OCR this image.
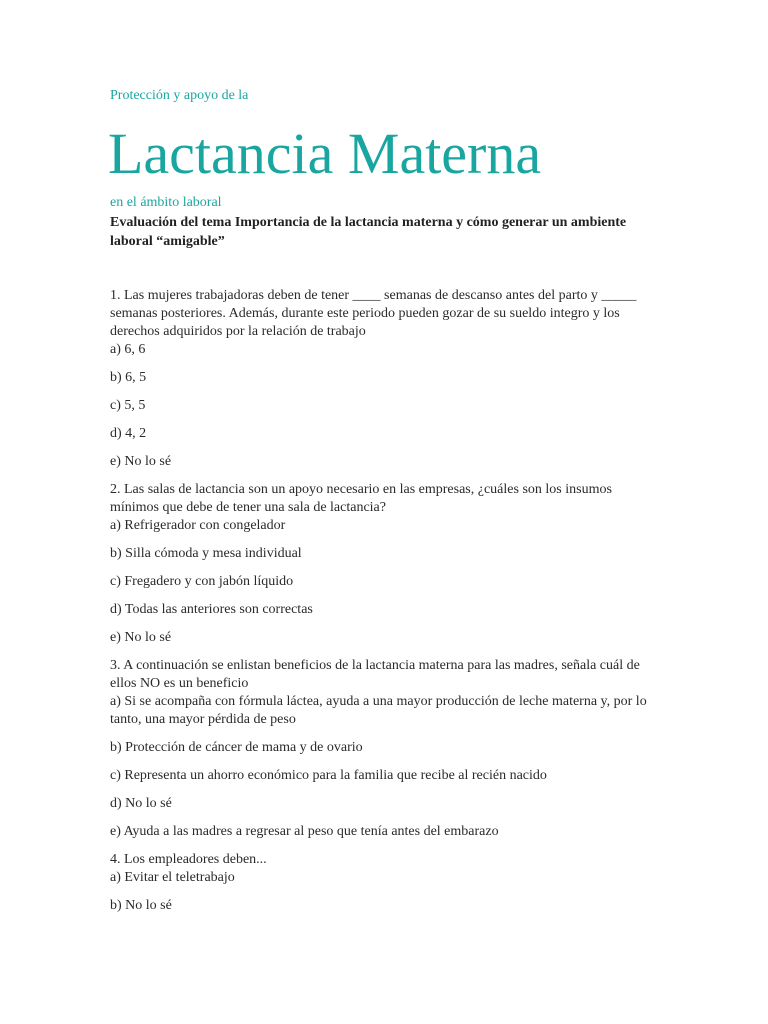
Protección y apoyo de la
Lactancia Materna
en el ámbito laboral
Evaluación del tema Importancia de la lactancia materna y cómo generar un ambiente laboral “amigable”
1. Las mujeres trabajadoras deben de tener ____ semanas de descanso antes del parto y _____ semanas posteriores. Además, durante este periodo pueden gozar de su sueldo integro y los derechos adquiridos por la relación de trabajo
a) 6, 6
b) 6, 5
c) 5, 5
d) 4, 2
e) No lo sé
2. Las salas de lactancia son un apoyo necesario en las empresas, ¿cuáles son los insumos mínimos que debe de tener una sala de lactancia?
a) Refrigerador con congelador
b) Silla cómoda y mesa individual
c) Fregadero y con jabón líquido
d) Todas las anteriores son correctas
e) No lo sé
3. A continuación se enlistan beneficios de la lactancia materna para las madres, señala cuál de ellos NO es un beneficio
a) Si se acompaña con fórmula láctea, ayuda a una mayor producción de leche materna y, por lo tanto, una mayor pérdida de peso
b) Protección de cáncer de mama y de ovario
c) Representa un ahorro económico para la familia que recibe al recién nacido
d) No lo sé
e) Ayuda a las madres a regresar al peso que tenía antes del embarazo
4. Los empleadores deben...
a) Evitar el teletrabajo
b) No lo sé
